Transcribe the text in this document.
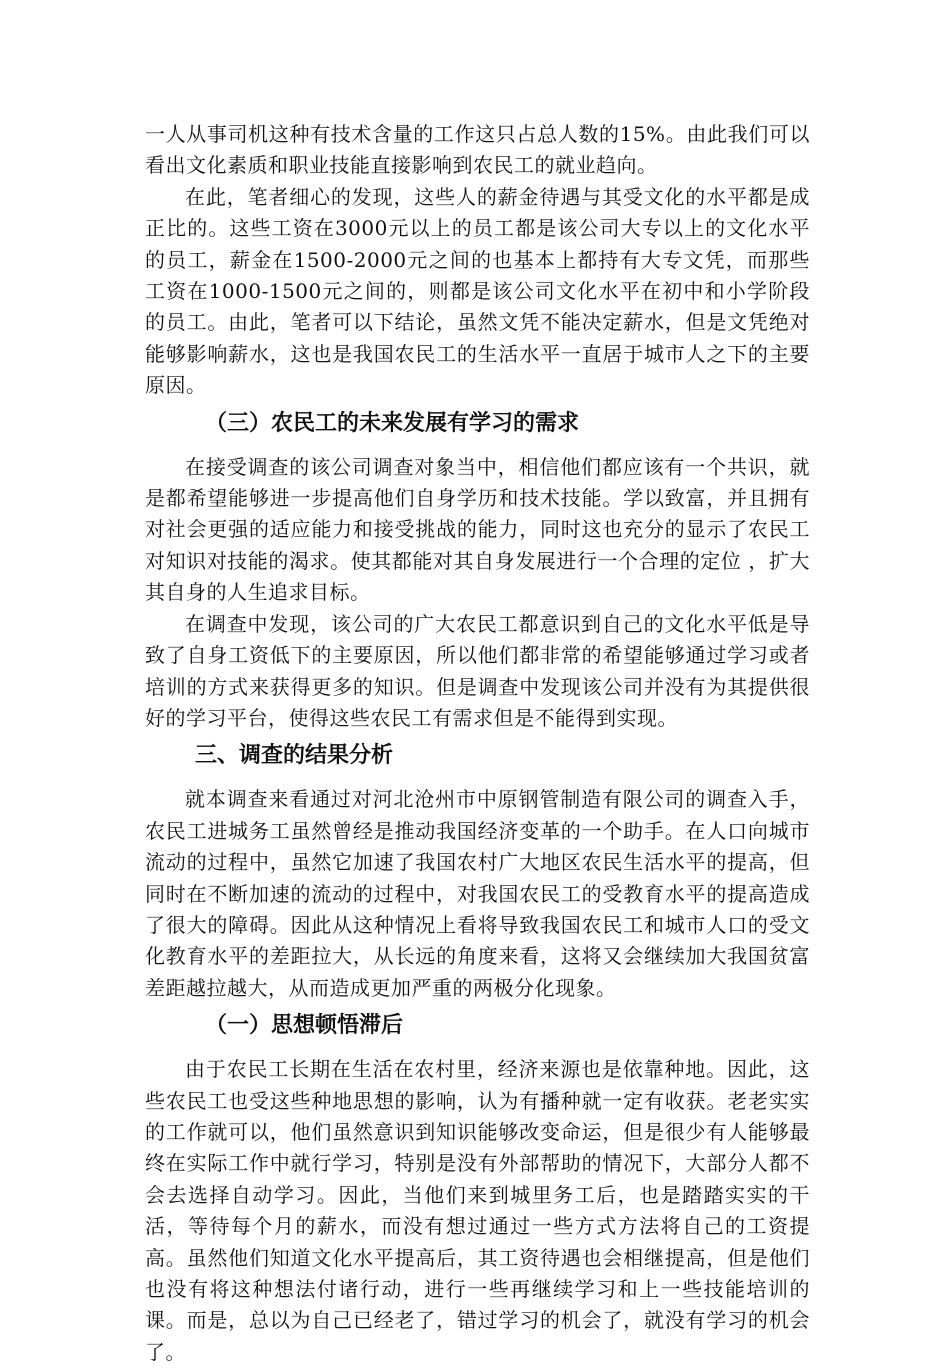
一人从事司机这种有技术含量的工作这只占总人数的15%。由此我们可以看出文化素质和职业技能直接影响到农民工的就业趋向。

在此，笔者细心的发现，这些人的薪金待遇与其受文化的水平都是成正比的。这些工资在3000元以上的员工都是该公司大专以上的文化水平的员工，薪金在1500-2000元之间的也基本上都持有大专文凭，而那些工资在1000-1500元之间的，则都是该公司文化水平在初中和小学阶段的员工。由此，笔者可以下结论，虽然文凭不能决定薪水，但是文凭绝对能够影响薪水，这也是我国农民工的生活水平一直居于城市人之下的主要原因。

（三）农民工的未来发展有学习的需求

在接受调查的该公司调查对象当中，相信他们都应该有一个共识，就是都希望能够进一步提高他们自身学历和技术技能。学以致富，并且拥有对社会更强的适应能力和接受挑战的能力，同时这也充分的显示了农民工对知识对技能的渴求。使其都能对其自身发展进行一个合理的定位 ，扩大其自身的人生追求目标。

在调查中发现，该公司的广大农民工都意识到自己的文化水平低是导致了自身工资低下的主要原因，所以他们都非常的希望能够通过学习或者培训的方式来获得更多的知识。但是调查中发现该公司并没有为其提供很好的学习平台，使得这些农民工有需求但是不能得到实现。

三、调查的结果分析

就本调查来看通过对河北沧州市中原钢管制造有限公司的调查入手，农民工进城务工虽然曾经是推动我国经济变革的一个助手。在人口向城市流动的过程中，虽然它加速了我国农村广大地区农民生活水平的提高，但同时在不断加速的流动的过程中，对我国农民工的受教育水平的提高造成了很大的障碍。因此从这种情况上看将导致我国农民工和城市人口的受文化教育水平的差距拉大，从长远的角度来看，这将又会继续加大我国贫富差距越拉越大，从而造成更加严重的两极分化现象。

（一）思想顿悟滞后

由于农民工长期在生活在农村里，经济来源也是依靠种地。因此，这些农民工也受这些种地思想的影响，认为有播种就一定有收获。老老实实的工作就可以，他们虽然意识到知识能够改变命运，但是很少有人能够最终在实际工作中就行学习，特别是没有外部帮助的情况下，大部分人都不会去选择自动学习。因此，当他们来到城里务工后，也是踏踏实实的干活，等待每个月的薪水，而没有想过通过一些方式方法将自己的工资提高。虽然他们知道文化水平提高后，其工资待遇也会相继提高，但是他们也没有将这种想法付诸行动，进行一些再继续学习和上一些技能培训的课。而是，总以为自己已经老了，错过学习的机会了，就没有学习的机会了。
